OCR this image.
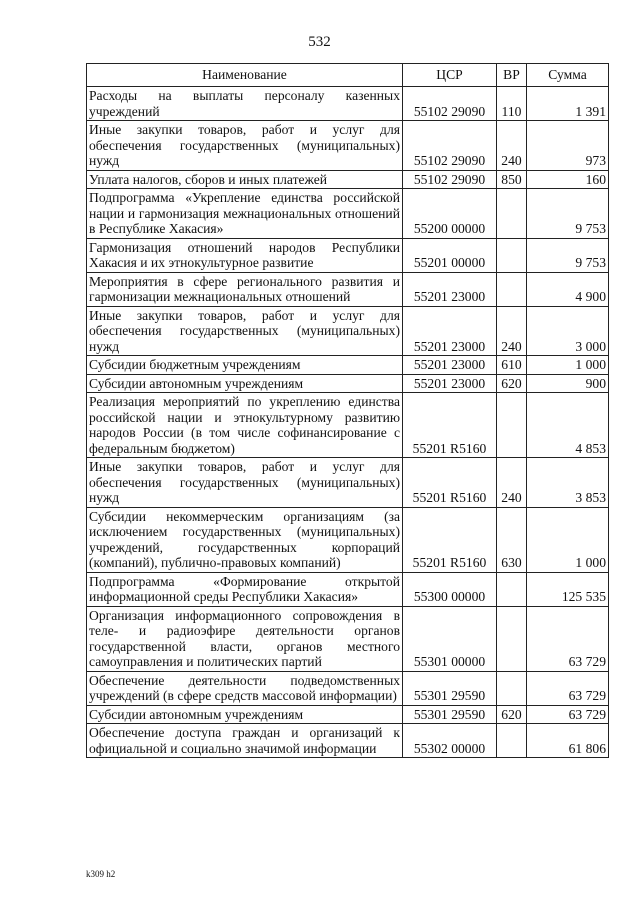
532
Наименование	ЦСР	ВР	Сумма
Расходы на выплаты персоналу казенных учреждений	55102 29090	110	1 391
Иные закупки товаров, работ и услуг для обеспечения государственных (муниципальных) нужд	55102 29090	240	973
Уплата налогов, сборов и иных платежей	55102 29090	850	160
Подпрограмма «Укрепление единства российской нации и гармонизация межнациональных отношений в Республике Хакасия»	55200 00000		9 753
Гармонизация отношений народов Республики Хакасия и их этнокультурное развитие	55201 00000		9 753
Мероприятия в сфере регионального развития и гармонизации межнациональных отношений	55201 23000		4 900
Иные закупки товаров, работ и услуг для обеспечения государственных (муниципальных) нужд	55201 23000	240	3 000
Субсидии бюджетным учреждениям	55201 23000	610	1 000
Субсидии автономным учреждениям	55201 23000	620	900
Реализация мероприятий по укреплению единства российской нации и этнокультурному развитию народов России (в том числе софинансирование с федеральным бюджетом)	55201 R5160		4 853
Иные закупки товаров, работ и услуг для обеспечения государственных (муниципальных) нужд	55201 R5160	240	3 853
Субсидии некоммерческим организациям (за исключением государственных (муниципальных) учреждений, государственных корпораций (компаний), публично-правовых компаний)	55201 R5160	630	1 000
Подпрограмма «Формирование открытой информационной среды Республики Хакасия»	55300 00000		125 535
Организация информационного сопровождения в теле- и радиоэфире деятельности органов государственной власти, органов местного самоуправления и политических партий	55301 00000		63 729
Обеспечение деятельности подведомственных учреждений (в сфере средств массовой информации)	55301 29590		63 729
Субсидии автономным учреждениям	55301 29590	620	63 729
Обеспечение доступа граждан и организаций к официальной и социально значимой информации	55302 00000		61 806
k309 h2
